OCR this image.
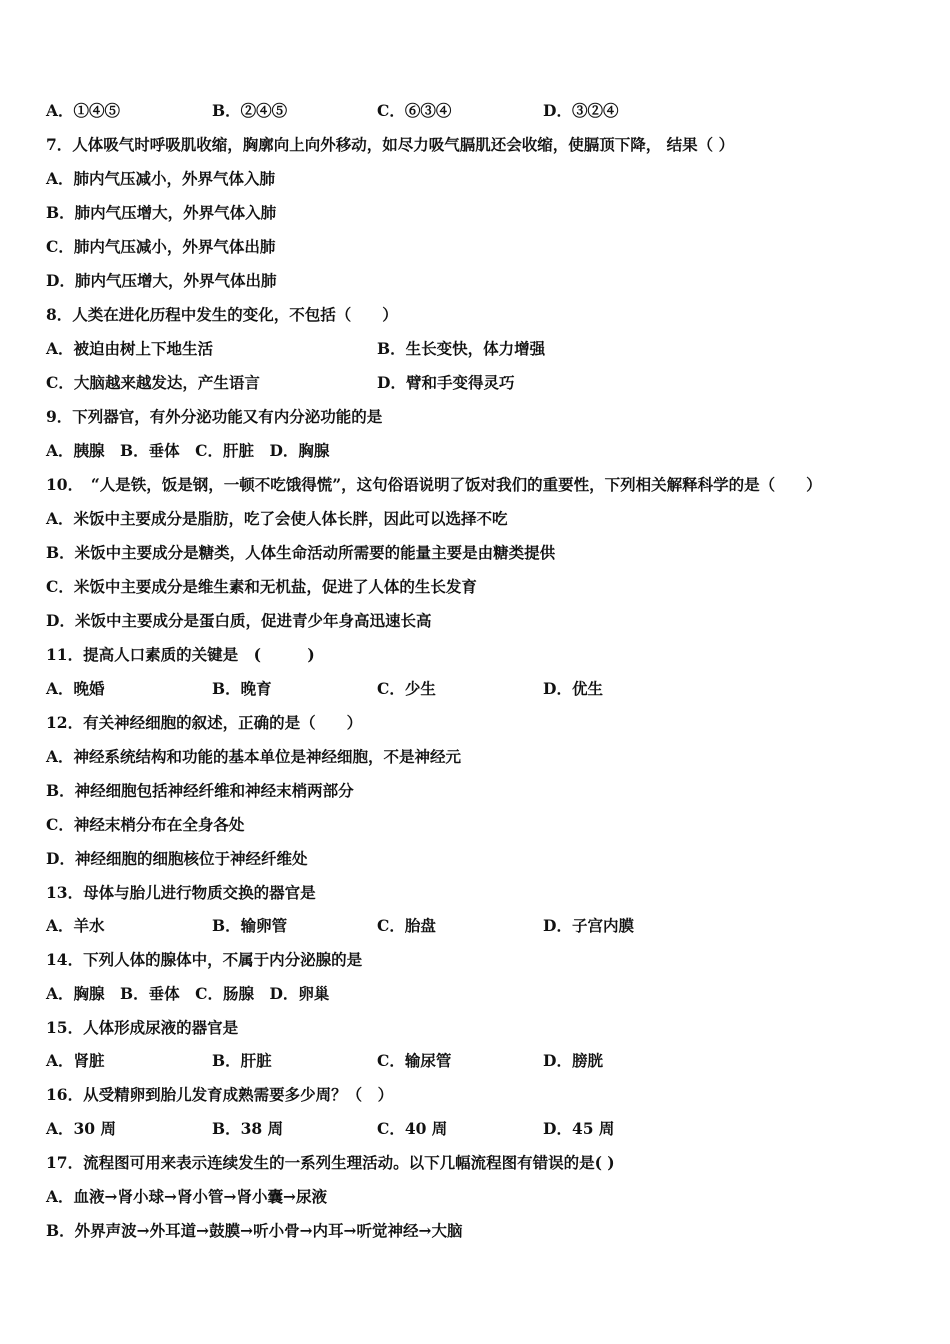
A．①④⑤	B．②④⑤	C．⑥③④	D．③②④
7．人体吸气时呼吸肌收缩，胸廓向上向外移动，如尽力吸气膈肌还会收缩，使膈顶下降， 结果（ ）
A．肺内气压减小，外界气体入肺
B．肺内气压增大，外界气体入肺
C．肺内气压减小，外界气体出肺
D．肺内气压增大，外界气体出肺
8．人类在进化历程中发生的变化，不包括（　　）
A．被迫由树上下地生活	B．生长变快，体力增强
C．大脑越来越发达，产生语言	D．臂和手变得灵巧
9．下列器官，有外分泌功能又有内分泌功能的是
A．胰腺　B．垂体　C．肝脏　D．胸腺
10．　“人是铁，饭是钢，一顿不吃饿得慌”，这句俗语说明了饭对我们的重要性，下列相关解释科学的是（　　）
A．米饭中主要成分是脂肪，吃了会使人体长胖，因此可以选择不吃
B．米饭中主要成分是糖类，人体生命活动所需要的能量主要是由糖类提供
C．米饭中主要成分是维生素和无机盐，促进了人体的生长发育
D．米饭中主要成分是蛋白质，促进青少年身高迅速长高
11．提高人口素质的关键是　(　　　)
A．晚婚	B．晚育	C．少生	D．优生
12．有关神经细胞的叙述，正确的是（　　）
A．神经系统结构和功能的基本单位是神经细胞，不是神经元
B．神经细胞包括神经纤维和神经末梢两部分
C．神经末梢分布在全身各处
D．神经细胞的细胞核位于神经纤维处
13．母体与胎儿进行物质交换的器官是
A．羊水	B．输卵管	C．胎盘	D．子宫内膜
14．下列人体的腺体中，不属于内分泌腺的是
A．胸腺　B．垂体　C．肠腺　D．卵巢
15．人体形成尿液的器官是
A．肾脏	B．肝脏	C．输尿管	D．膀胱
16．从受精卵到胎儿发育成熟需要多少周？（　）
A．30 周	B．38 周	C．40 周	D．45 周
17．流程图可用来表示连续发生的一系列生理活动。以下几幅流程图有错误的是( )
A．血液→肾小球→肾小管→肾小囊→尿液
B．外界声波→外耳道→鼓膜→听小骨→内耳→听觉神经→大脑
